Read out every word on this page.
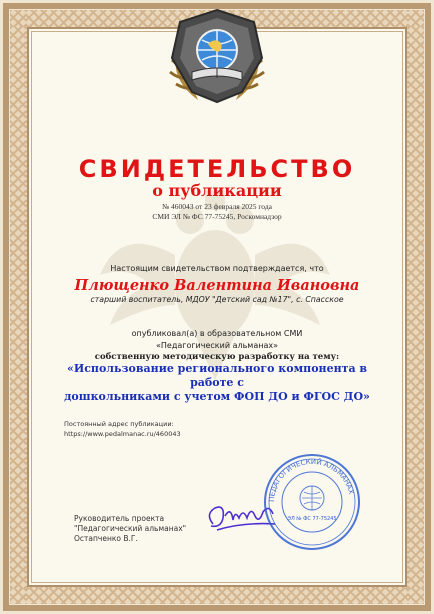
СВИДЕТЕЛЬСТВО
о публикации
№ 460043 от 23 февраля 2025 года
СМИ ЭЛ № ФС 77-75245, Роскомнадзор
Настоящим свидетельством подтверждается, что
Плющенко Валентина Ивановна
старший воспитатель, МДОУ "Детский сад №17", с. Спасское
опубликовал(а) в образовательном СМИ
«Педагогический альманах»
собственную методическую разработку на тему:
«Использование регионального компонента в работе с
дошкольниками с учетом ФОП ДО и ФГОС ДО»
Постоянный адрес публикации:
https://www.pedalmanac.ru/460043
Руководитель проекта
"Педагогический альманах"
Остапченко В.Г.
ПЕДАГОГИЧЕСКИЙ АЛЬМАНАХ
ЭЛ № ФС 77-75245
